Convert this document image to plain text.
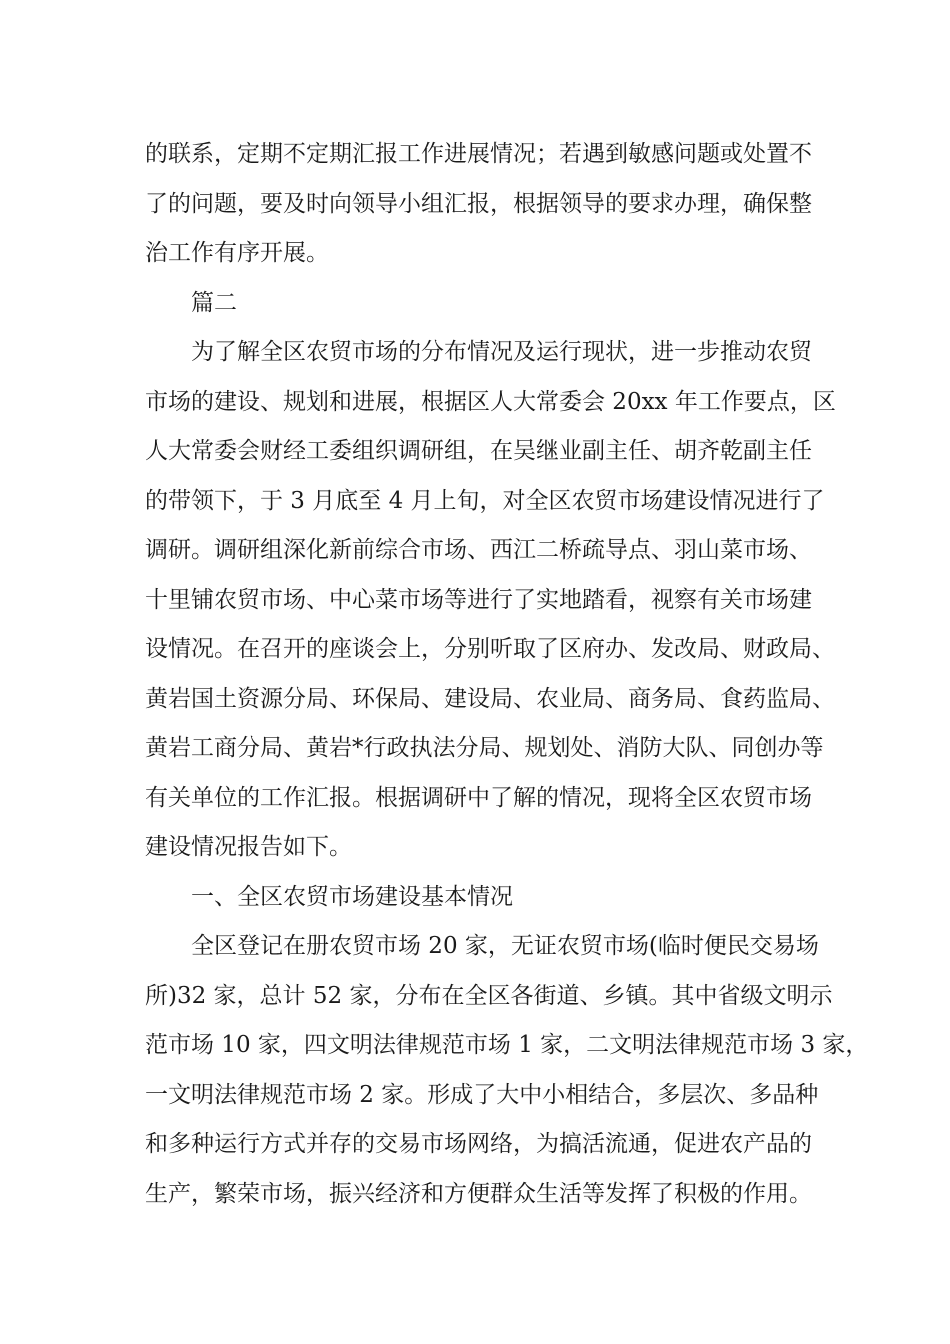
的联系，定期不定期汇报工作进展情况；若遇到敏感问题或处置不
了的问题，要及时向领导小组汇报，根据领导的要求办理，确保整
治工作有序开展。
篇二
为了解全区农贸市场的分布情况及运行现状，进一步推动农贸
市场的建设、规划和进展，根据区人大常委会 20xx 年工作要点，区
人大常委会财经工委组织调研组，在吴继业副主任、胡齐乾副主任
的带领下，于 3 月底至 4 月上旬，对全区农贸市场建设情况进行了
调研。调研组深化新前综合市场、西江二桥疏导点、羽山菜市场、
十里铺农贸市场、中心菜市场等进行了实地踏看，视察有关市场建
设情况。在召开的座谈会上，分别听取了区府办、发改局、财政局、
黄岩国土资源分局、环保局、建设局、农业局、商务局、食药监局、
黄岩工商分局、黄岩*行政执法分局、规划处、消防大队、同创办等
有关单位的工作汇报。根据调研中了解的情况，现将全区农贸市场
建设情况报告如下。
一、全区农贸市场建设基本情况
全区登记在册农贸市场 20 家，无证农贸市场(临时便民交易场
所)32 家，总计 52 家，分布在全区各街道、乡镇。其中省级文明示
范市场 10 家，四文明法律规范市场 1 家，二文明法律规范市场 3 家，
一文明法律规范市场 2 家。形成了大中小相结合，多层次、多品种
和多种运行方式并存的交易市场网络，为搞活流通，促进农产品的
生产，繁荣市场，振兴经济和方便群众生活等发挥了积极的作用。
